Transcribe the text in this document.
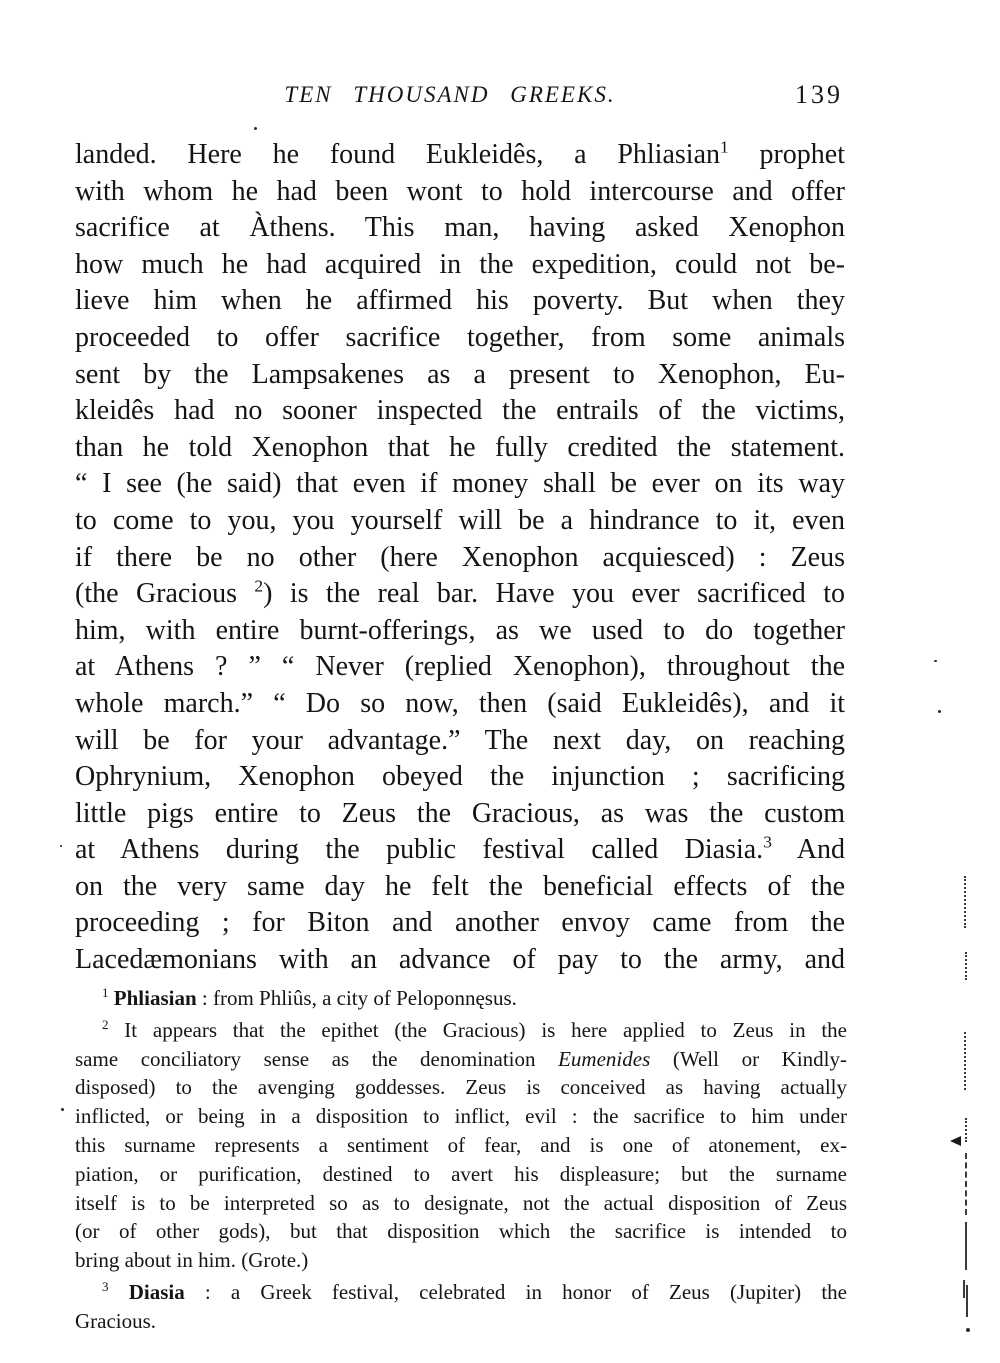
TEN THOUSAND GREEKS.	139
landed. Here he found Eukleidês, a Phliasian$^1$ prophet
with whom he had been wont to hold intercourse and offer
sacrifice at Àthens. This man, having asked Xenophon
how much he had acquired in the expedition, could not be-
lieve him when he affirmed his poverty. But when they
proceeded to offer sacrifice together, from some animals
sent by the Lampsakenes as a present to Xenophon, Eu-
kleidês had no sooner inspected the entrails of the victims,
than he told Xenophon that he fully credited the statement.
“ I see (he said) that even if money shall be ever on its way
to come to you, you yourself will be a hindrance to it, even
if there be no other (here Xenophon acquiesced) : Zeus
(the Gracious $^2$) is the real bar. Have you ever sacrificed to
him, with entire burnt-offerings, as we used to do together
at Athens ? ” “ Never (replied Xenophon), throughout the
whole march.” “ Do so now, then (said Eukleidês), and it
will be for your advantage.” The next day, on reaching
Ophrynium, Xenophon obeyed the injunction ; sacrificing
little pigs entire to Zeus the Gracious, as was the custom
at Athens during the public festival called Diasia.$^3$ And
on the very same day he felt the beneficial effects of the
proceeding ; for Biton and another envoy came from the
Lacedæmonians with an advance of pay to the army, and
$^1$ Phliasian : from Phliûs, a city of Peloponnęsus.
$^2$ It appears that the epithet (the Gracious) is here applied to Zeus in the
same conciliatory sense as the denomination Eumenides (Well or Kindly-
disposed) to the avenging goddesses. Zeus is conceived as having actually
inflicted, or being in a disposition to inflict, evil : the sacrifice to him under
this surname represents a sentiment of fear, and is one of atonement, ex-
piation, or purification, destined to avert his displeasure; but the surname
itself is to be interpreted so as to designate, not the actual disposition of Zeus
(or of other gods), but that disposition which the sacrifice is intended to
bring about in him. (Grote.)
$^3$ Diasia : a Greek festival, celebrated in honor of Zeus (Jupiter) the
Gracious.
